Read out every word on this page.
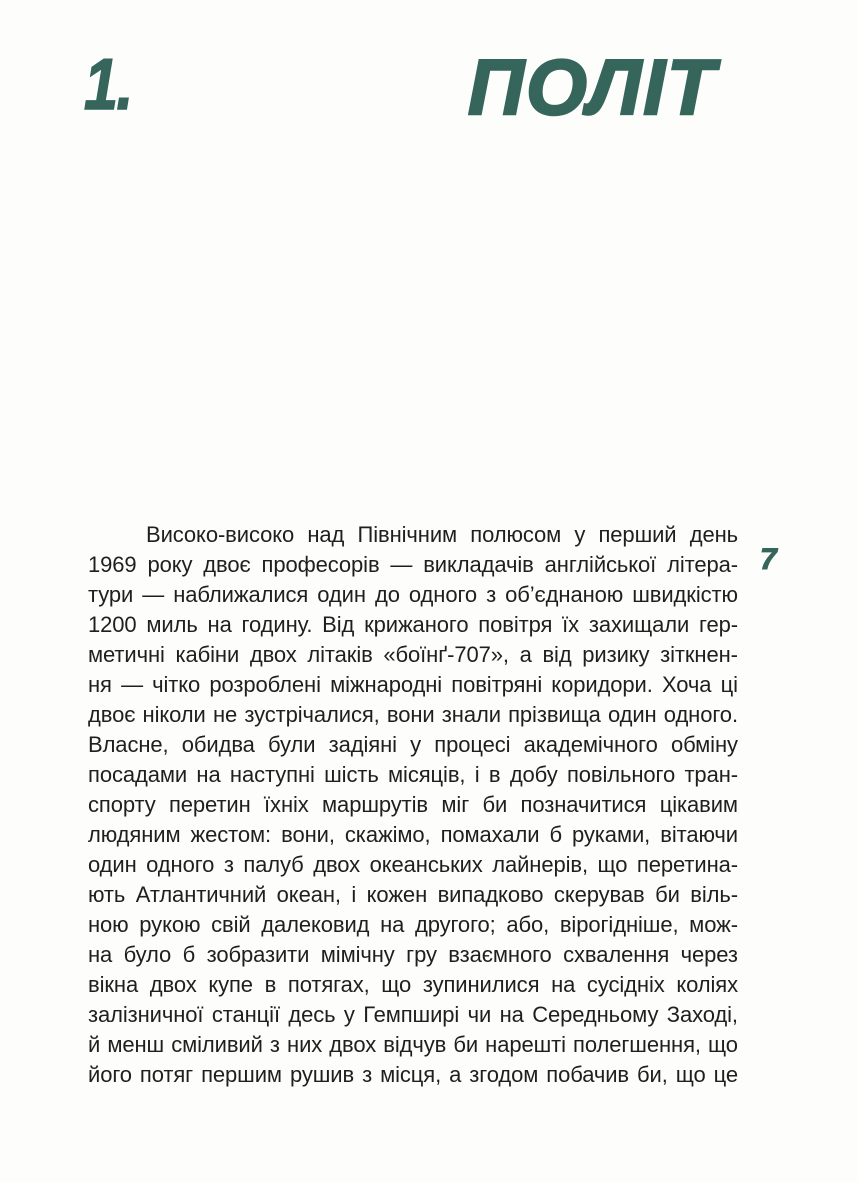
1.	ПОЛІТ
7
Високо-високо над Північним полюсом у перший день
1969 року двоє професорів — викладачів англійської літера-
тури — наближалися один до одного з об’єднаною швидкістю
1200 миль на годину. Від крижаного повітря їх захищали гер-
метичні кабіни двох літаків «боїнґ-707», а від ризику зіткнен-
ня — чітко розроблені міжнародні повітряні коридори. Хоча ці
двоє ніколи не зустрічалися, вони знали прізвища один одного.
Власне, обидва були задіяні у процесі академічного обміну
посадами на наступні шість місяців, і в добу повільного тран-
спорту перетин їхніх маршрутів міг би позначитися цікавим
людяним жестом: вони, скажімо, помахали б руками, вітаючи
один одного з палуб двох океанських лайнерів, що перетина-
ють Атлантичний океан, і кожен випадково скерував би віль-
ною рукою свій далековид на другого; або, вірогідніше, мож-
на було б зобразити мімічну гру взаємного схвалення через
вікна двох купе в потягах, що зупинилися на сусідніх коліях
залізничної станції десь у Гемпширі чи на Середньому Заході,
й менш сміливий з них двох відчув би нарешті полегшення, що
його потяг першим рушив з місця, а згодом побачив би, що це
